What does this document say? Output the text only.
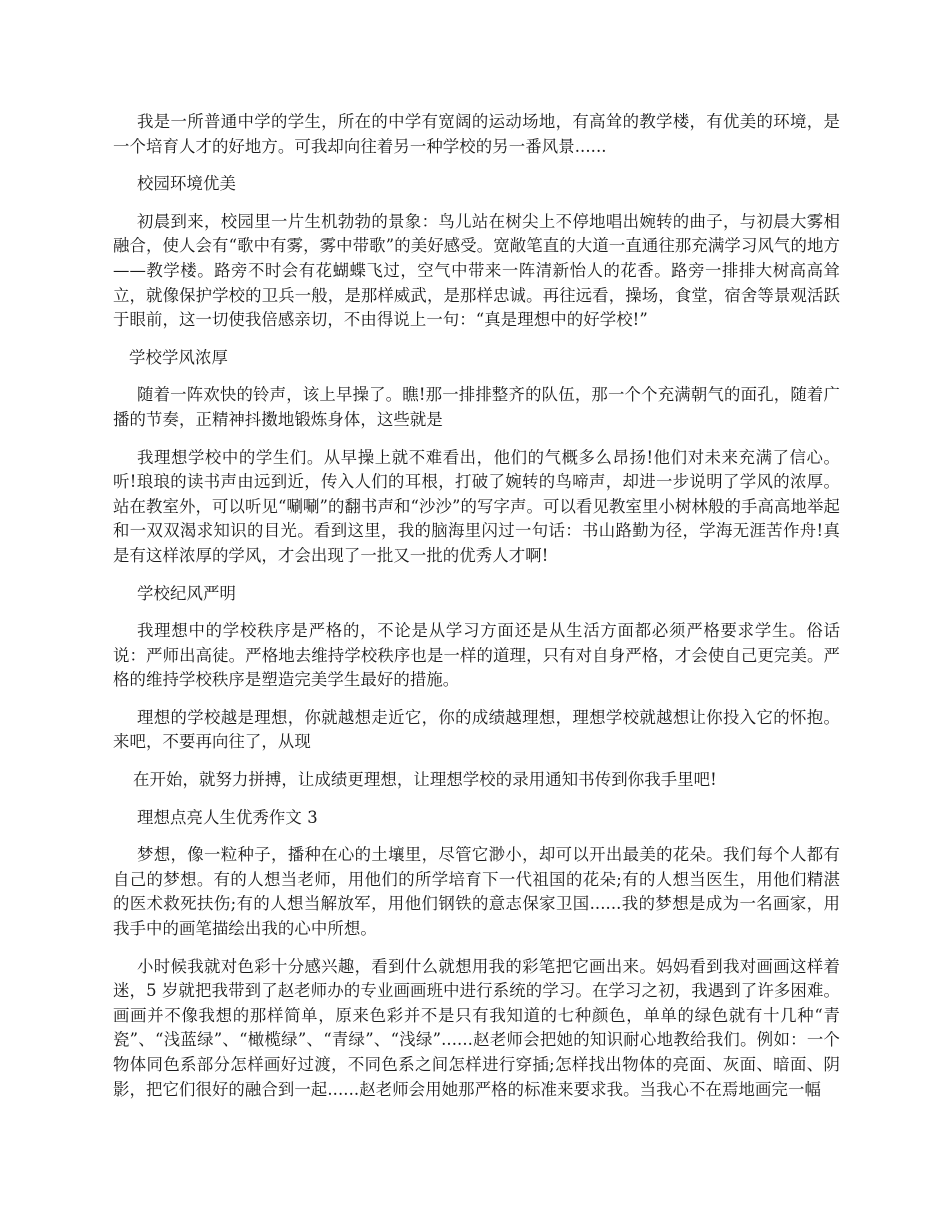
我是一所普通中学的学生，所在的中学有宽阔的运动场地，有高耸的教学楼，有优美的环境，是一个培育人才的好地方。可我却向往着另一种学校的另一番风景......

校园环境优美

初晨到来，校园里一片生机勃勃的景象：鸟儿站在树尖上不停地唱出婉转的曲子，与初晨大雾相融合，使人会有“歌中有雾，雾中带歌”的美好感受。宽敞笔直的大道一直通往那充满学习风气的地方——教学楼。路旁不时会有花蝴蝶飞过，空气中带来一阵清新怡人的花香。路旁一排排大树高高耸立，就像保护学校的卫兵一般，是那样威武，是那样忠诚。再往远看，操场，食堂，宿舍等景观活跃于眼前，这一切使我倍感亲切，不由得说上一句：“真是理想中的好学校!”

学校学风浓厚

随着一阵欢快的铃声，该上早操了。瞧!那一排排整齐的队伍，那一个个充满朝气的面孔，随着广播的节奏，正精神抖擞地锻炼身体，这些就是

我理想学校中的学生们。从早操上就不难看出，他们的气概多么昂扬!他们对未来充满了信心。听!琅琅的读书声由远到近，传入人们的耳根，打破了婉转的鸟啼声，却进一步说明了学风的浓厚。站在教室外，可以听见“唰唰”的翻书声和“沙沙”的写字声。可以看见教室里小树林般的手高高地举起和一双双渴求知识的目光。看到这里，我的脑海里闪过一句话：书山路勤为径，学海无涯苦作舟!真是有这样浓厚的学风，才会出现了一批又一批的优秀人才啊!

学校纪风严明

我理想中的学校秩序是严格的，不论是从学习方面还是从生活方面都必须严格要求学生。俗话说：严师出高徒。严格地去维持学校秩序也是一样的道理，只有对自身严格，才会使自己更完美。严格的维持学校秩序是塑造完美学生最好的措施。

理想的学校越是理想，你就越想走近它，你的成绩越理想，理想学校就越想让你投入它的怀抱。来吧，不要再向往了，从现

在开始，就努力拼搏，让成绩更理想，让理想学校的录用通知书传到你我手里吧!

理想点亮人生优秀作文 3

梦想，像一粒种子，播种在心的土壤里，尽管它渺小，却可以开出最美的花朵。我们每个人都有自己的梦想。有的人想当老师，用他们的所学培育下一代祖国的花朵;有的人想当医生，用他们精湛的医术救死扶伤;有的人想当解放军，用他们钢铁的意志保家卫国......我的梦想是成为一名画家，用我手中的画笔描绘出我的心中所想。

小时候我就对色彩十分感兴趣，看到什么就想用我的彩笔把它画出来。妈妈看到我对画画这样着迷，5 岁就把我带到了赵老师办的专业画画班中进行系统的学习。在学习之初，我遇到了许多困难。画画并不像我想的那样简单，原来色彩并不是只有我知道的七种颜色，单单的绿色就有十几种“青瓷”、“浅蓝绿”、“橄榄绿”、“青绿”、“浅绿”......赵老师会把她的知识耐心地教给我们。例如：一个物体同色系部分怎样画好过渡，不同色系之间怎样进行穿插;怎样找出物体的亮面、灰面、暗面、阴影，把它们很好的融合到一起......赵老师会用她那严格的标准来要求我。当我心不在焉地画完一幅
